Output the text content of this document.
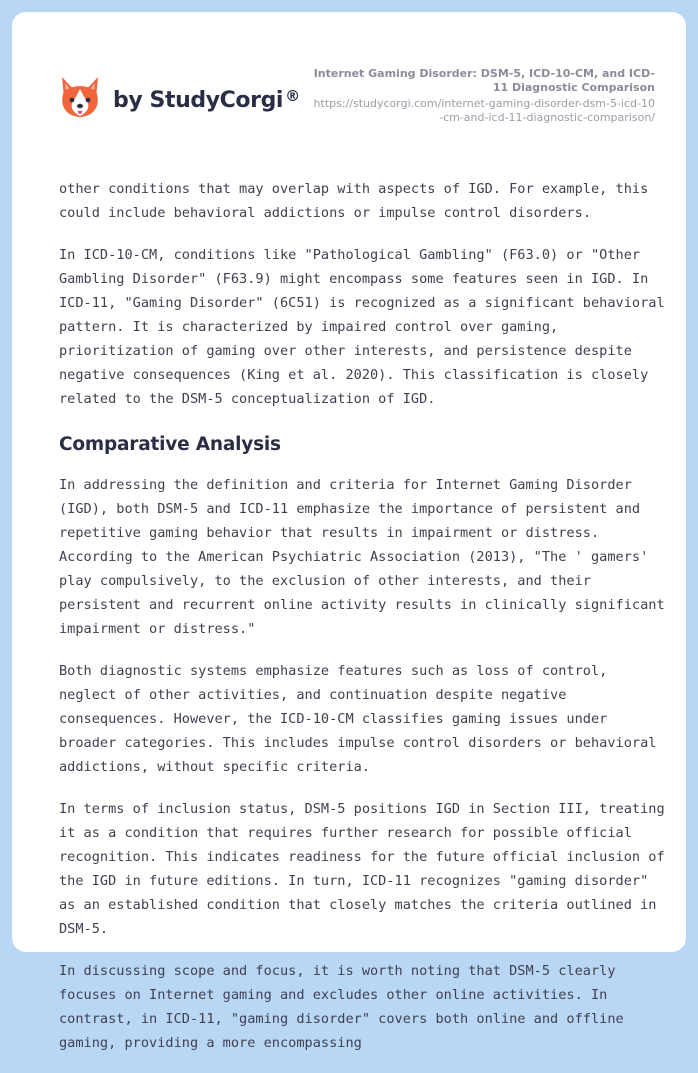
by StudyCorgi ®
Internet Gaming Disorder: DSM-5, ICD-10-CM, and ICD-11 Diagnostic Comparison
https://studycorgi.com/internet-gaming-disorder-dsm-5-icd-10-cm-and-icd-11-diagnostic-comparison/

other conditions that may overlap with aspects of IGD. For example, this could include behavioral addictions or impulse control disorders.

In ICD-10-CM, conditions like "Pathological Gambling" (F63.0) or "Other Gambling Disorder" (F63.9) might encompass some features seen in IGD. In ICD-11, "Gaming Disorder" (6C51) is recognized as a significant behavioral pattern. It is characterized by impaired control over gaming, prioritization of gaming over other interests, and persistence despite negative consequences (King et al. 2020). This classification is closely related to the DSM-5 conceptualization of IGD.

Comparative Analysis

In addressing the definition and criteria for Internet Gaming Disorder (IGD), both DSM-5 and ICD-11 emphasize the importance of persistent and repetitive gaming behavior that results in impairment or distress. According to the American Psychiatric Association (2013), "The ' gamers' play compulsively, to the exclusion of other interests, and their persistent and recurrent online activity results in clinically significant impairment or distress."

Both diagnostic systems emphasize features such as loss of control, neglect of other activities, and continuation despite negative consequences. However, the ICD-10-CM classifies gaming issues under broader categories. This includes impulse control disorders or behavioral addictions, without specific criteria.

In terms of inclusion status, DSM-5 positions IGD in Section III, treating it as a condition that requires further research for possible official recognition. This indicates readiness for the future official inclusion of the IGD in future editions. In turn, ICD-11 recognizes "gaming disorder" as an established condition that closely matches the criteria outlined in DSM-5.

In discussing scope and focus, it is worth noting that DSM-5 clearly focuses on Internet gaming and excludes other online activities. In contrast, in ICD-11, "gaming disorder" covers both online and offline gaming, providing a more encompassing
